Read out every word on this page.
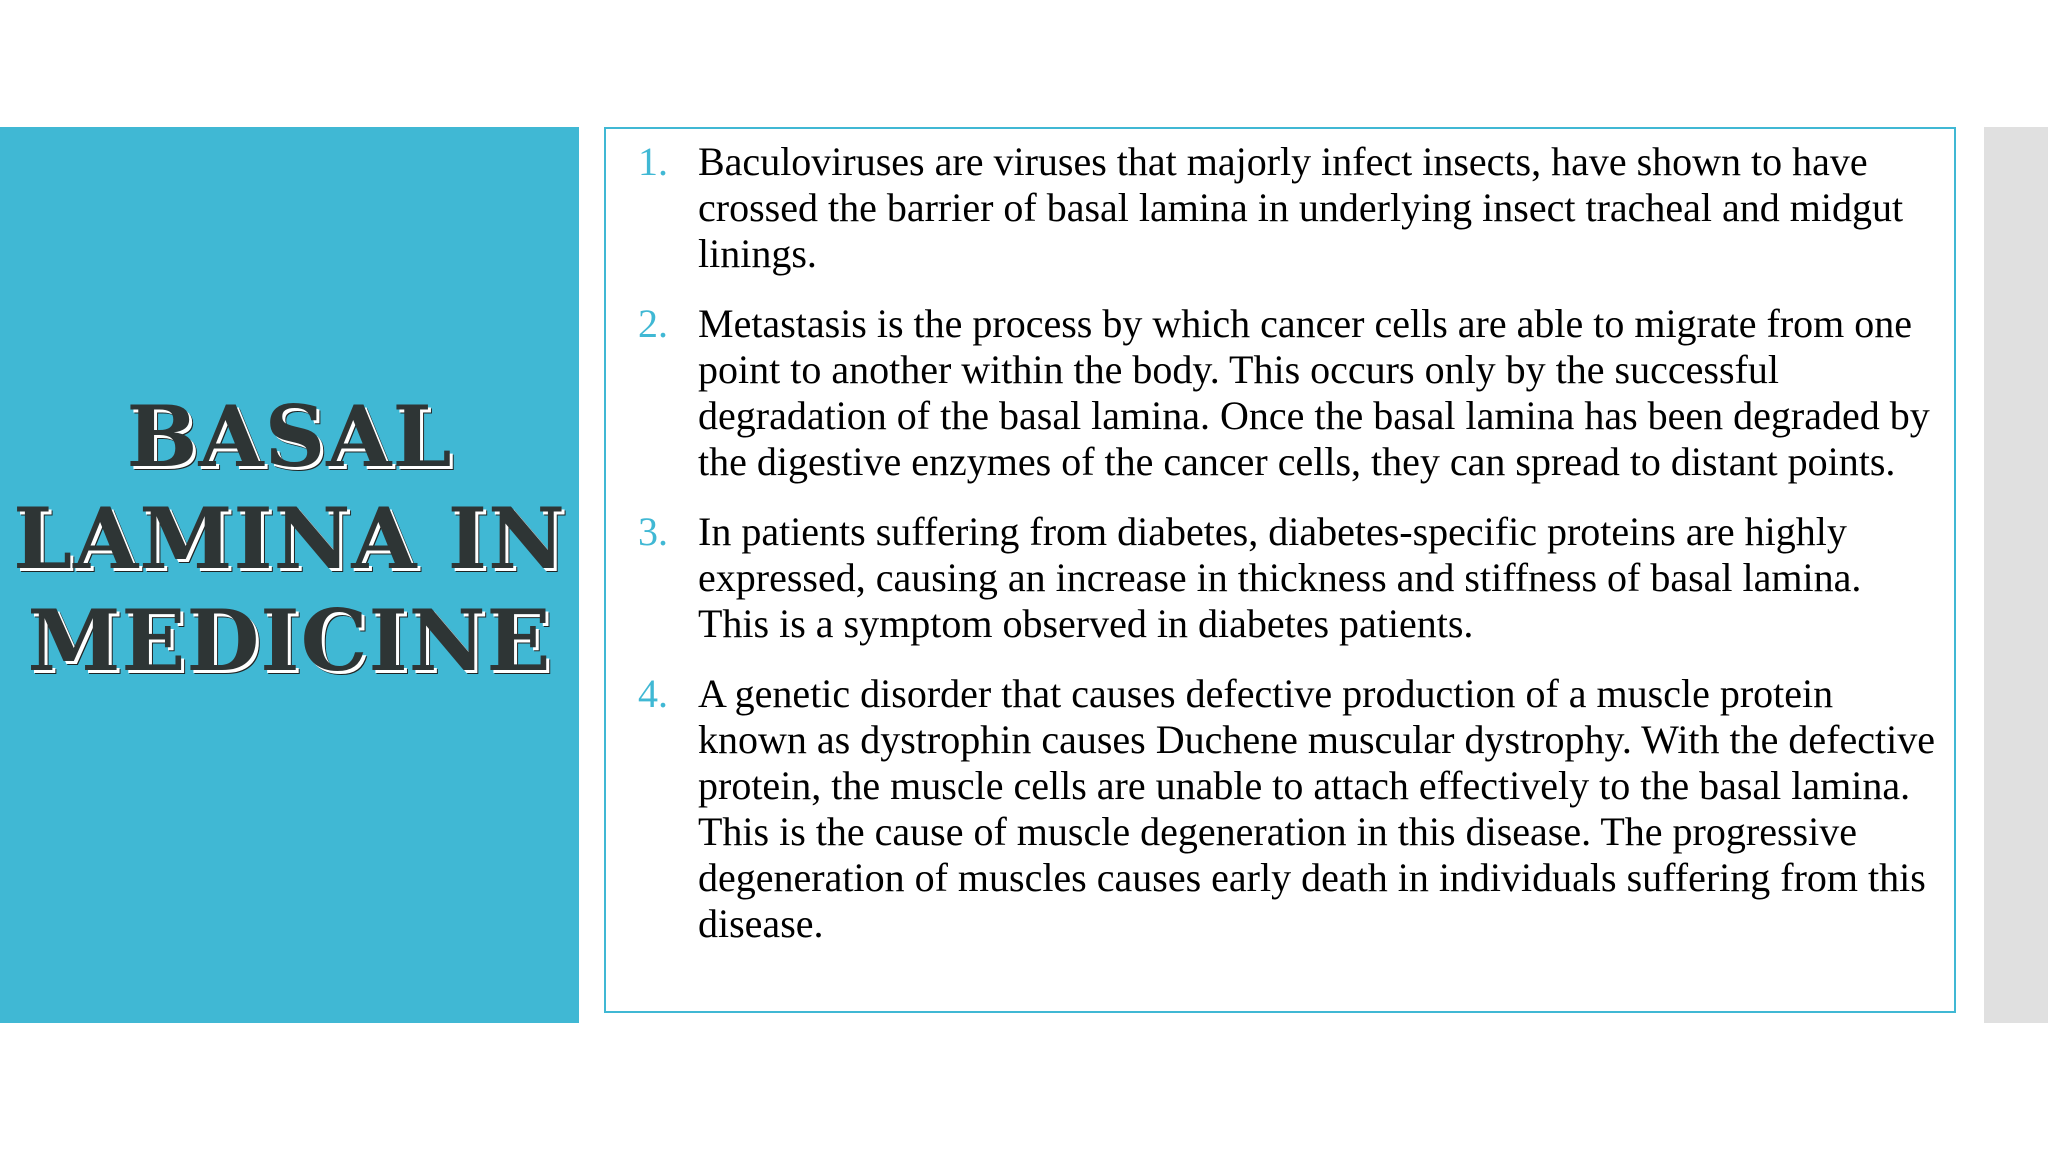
BASAL
LAMINA IN
MEDICINE
1. Baculoviruses are viruses that majorly infect insects, have shown to have crossed the barrier of basal lamina in underlying insect tracheal and midgut linings.
2. Metastasis is the process by which cancer cells are able to migrate from one point to another within the body. This occurs only by the successful degradation of the basal lamina. Once the basal lamina has been degraded by the digestive enzymes of the cancer cells, they can spread to distant points.
3. In patients suffering from diabetes, diabetes-specific proteins are highly expressed, causing an increase in thickness and stiffness of basal lamina. This is a symptom observed in diabetes patients.
4. A genetic disorder that causes defective production of a muscle protein known as dystrophin causes Duchene muscular dystrophy. With the defective protein, the muscle cells are unable to attach effectively to the basal lamina. This is the cause of muscle degeneration in this disease. The progressive degeneration of muscles causes early death in individuals suffering from this disease.
